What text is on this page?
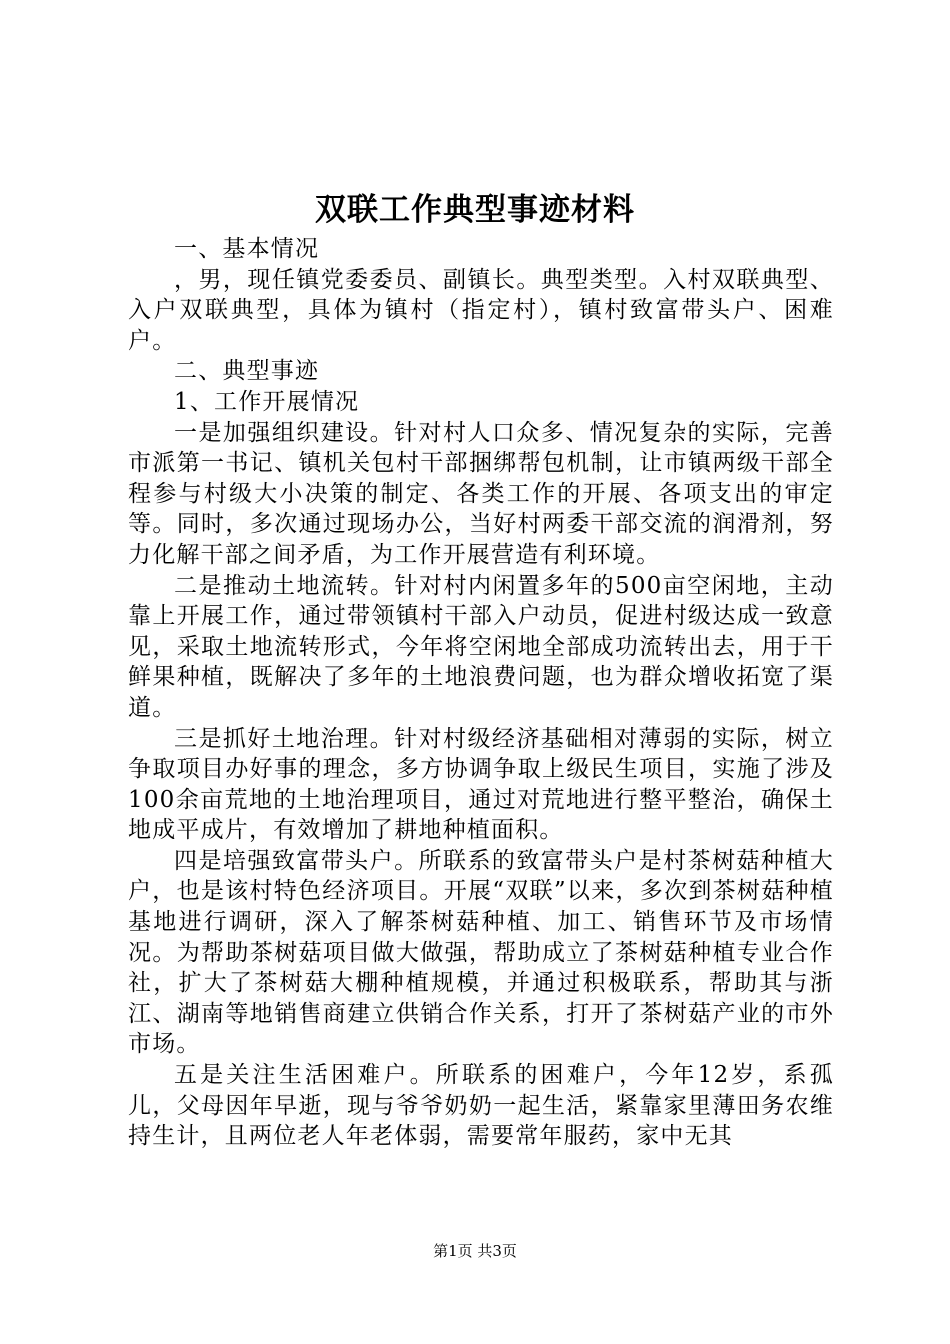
双联工作典型事迹材料

一、基本情况

，男，现任镇党委委员、副镇长。典型类型。入村双联典型、入户双联典型，具体为镇村（指定村），镇村致富带头户、困难户。

二、典型事迹

1、工作开展情况

一是加强组织建设。针对村人口众多、情况复杂的实际，完善市派第一书记、镇机关包村干部捆绑帮包机制，让市镇两级干部全程参与村级大小决策的制定、各类工作的开展、各项支出的审定等。同时，多次通过现场办公，当好村两委干部交流的润滑剂，努力化解干部之间矛盾，为工作开展营造有利环境。

二是推动土地流转。针对村内闲置多年的500亩空闲地，主动靠上开展工作，通过带领镇村干部入户动员，促进村级达成一致意见，采取土地流转形式，今年将空闲地全部成功流转出去，用于干鲜果种植，既解决了多年的土地浪费问题，也为群众增收拓宽了渠道。

三是抓好土地治理。针对村级经济基础相对薄弱的实际，树立争取项目办好事的理念，多方协调争取上级民生项目，实施了涉及100余亩荒地的土地治理项目，通过对荒地进行整平整治，确保土地成平成片，有效增加了耕地种植面积。

四是培强致富带头户。所联系的致富带头户是村茶树菇种植大户，也是该村特色经济项目。开展“双联”以来，多次到茶树菇种植基地进行调研，深入了解茶树菇种植、加工、销售环节及市场情况。为帮助茶树菇项目做大做强，帮助成立了茶树菇种植专业合作社，扩大了茶树菇大棚种植规模，并通过积极联系，帮助其与浙江、湖南等地销售商建立供销合作关系，打开了茶树菇产业的市外市场。

五是关注生活困难户。所联系的困难户，今年12岁，系孤儿，父母因年早逝，现与爷爷奶奶一起生活，紧靠家里薄田务农维持生计，且两位老人年老体弱，需要常年服药，家中无其

第1页 共3页
